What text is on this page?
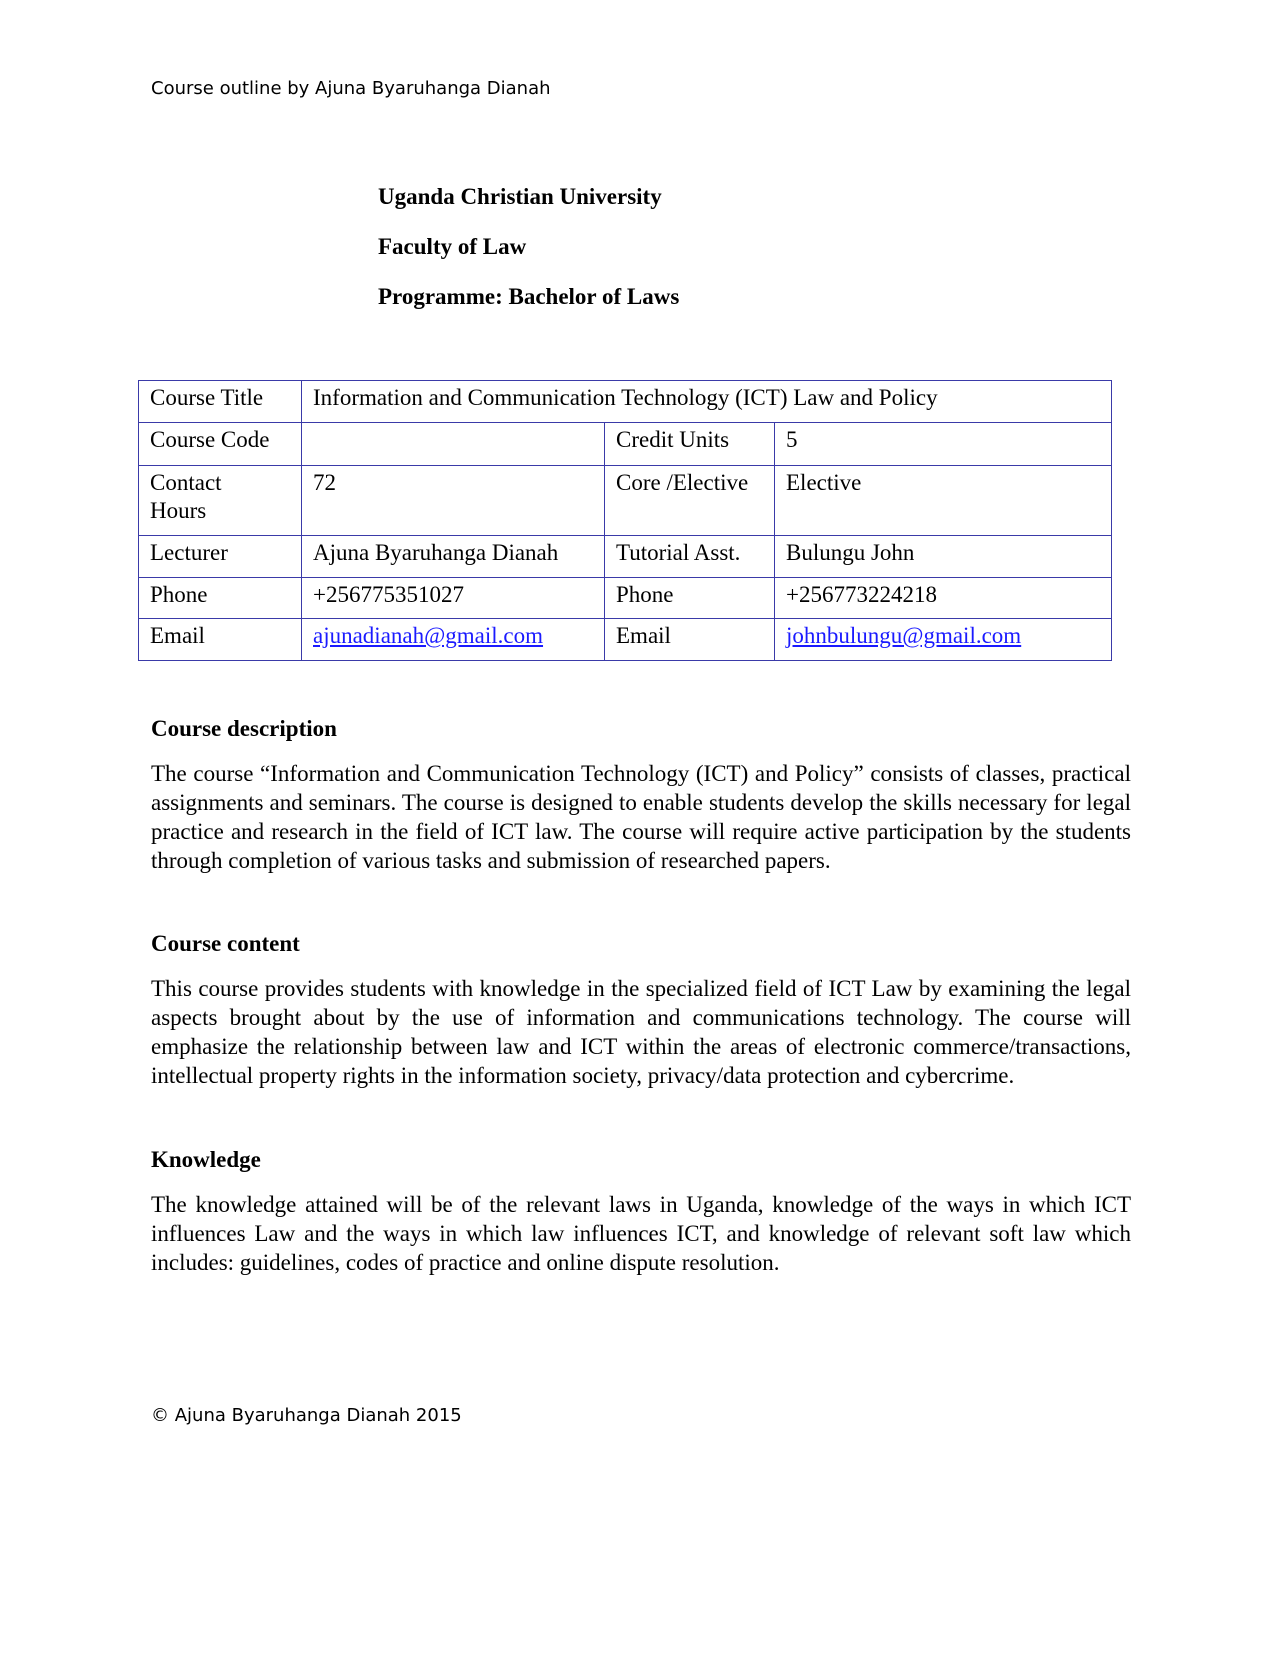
Course outline by Ajuna Byaruhanga Dianah
Uganda Christian University
Faculty of Law
Programme: Bachelor of Laws
Course Title	Information and Communication Technology (ICT) Law and Policy		
Course Code		Credit Units	5
Contact Hours	72	Core /Elective	Elective
Lecturer	Ajuna Byaruhanga Dianah	Tutorial Asst.	Bulungu John
Phone	+256775351027	Phone	+256773224218
Email	ajunadianah@gmail.com	Email	johnbulungu@gmail.com
Course description

The course “Information and Communication Technology (ICT) and Policy” consists of classes, practical assignments and seminars. The course is designed to enable students develop the skills necessary for legal practice and research in the field of ICT law. The course will require active participation by the students through completion of various tasks and submission of researched papers.

Course content

This course provides students with knowledge in the specialized field of ICT Law by examining the legal aspects brought about by the use of information and communications technology. The course will emphasize the relationship between law and ICT within the areas of electronic commerce/transactions, intellectual property rights in the information society, privacy/data protection and cybercrime.

Knowledge

The knowledge attained will be of the relevant laws in Uganda, knowledge of the ways in which ICT influences Law and the ways in which law influences ICT, and knowledge of relevant soft law which includes: guidelines, codes of practice and online dispute resolution.

© Ajuna Byaruhanga Dianah 2015
